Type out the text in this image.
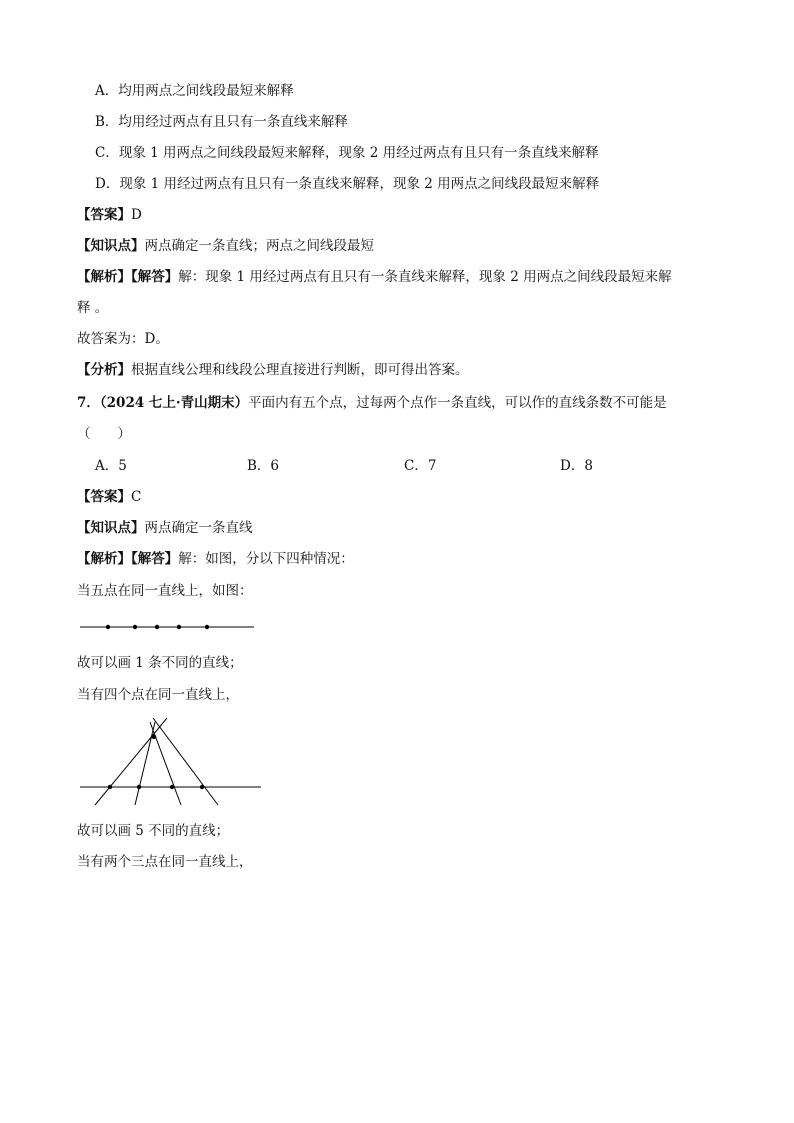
A．均用两点之间线段最短来解释
B．均用经过两点有且只有一条直线来解释
C．现象 1 用两点之间线段最短来解释，现象 2 用经过两点有且只有一条直线来解释
D．现象 1 用经过两点有且只有一条直线来解释，现象 2 用两点之间线段最短来解释
【答案】D
【知识点】两点确定一条直线；两点之间线段最短
【解析】【解答】解：现象 1 用经过两点有且只有一条直线来解释，现象 2 用两点之间线段最短来解
释 。
故答案为：D。
【分析】根据直线公理和线段公理直接进行判断，即可得出答案。
7．（2024 七上·青山期末）平面内有五个点，过每两个点作一条直线，可以作的直线条数不可能是
（　　）
A．5	B．6	C．7	D．8
【答案】C
【知识点】两点确定一条直线
【解析】【解答】解：如图，分以下四种情况：
当五点在同一直线上，如图：
故可以画 1 条不同的直线；
当有四个点在同一直线上，
故可以画 5 不同的直线；
当有两个三点在同一直线上，
